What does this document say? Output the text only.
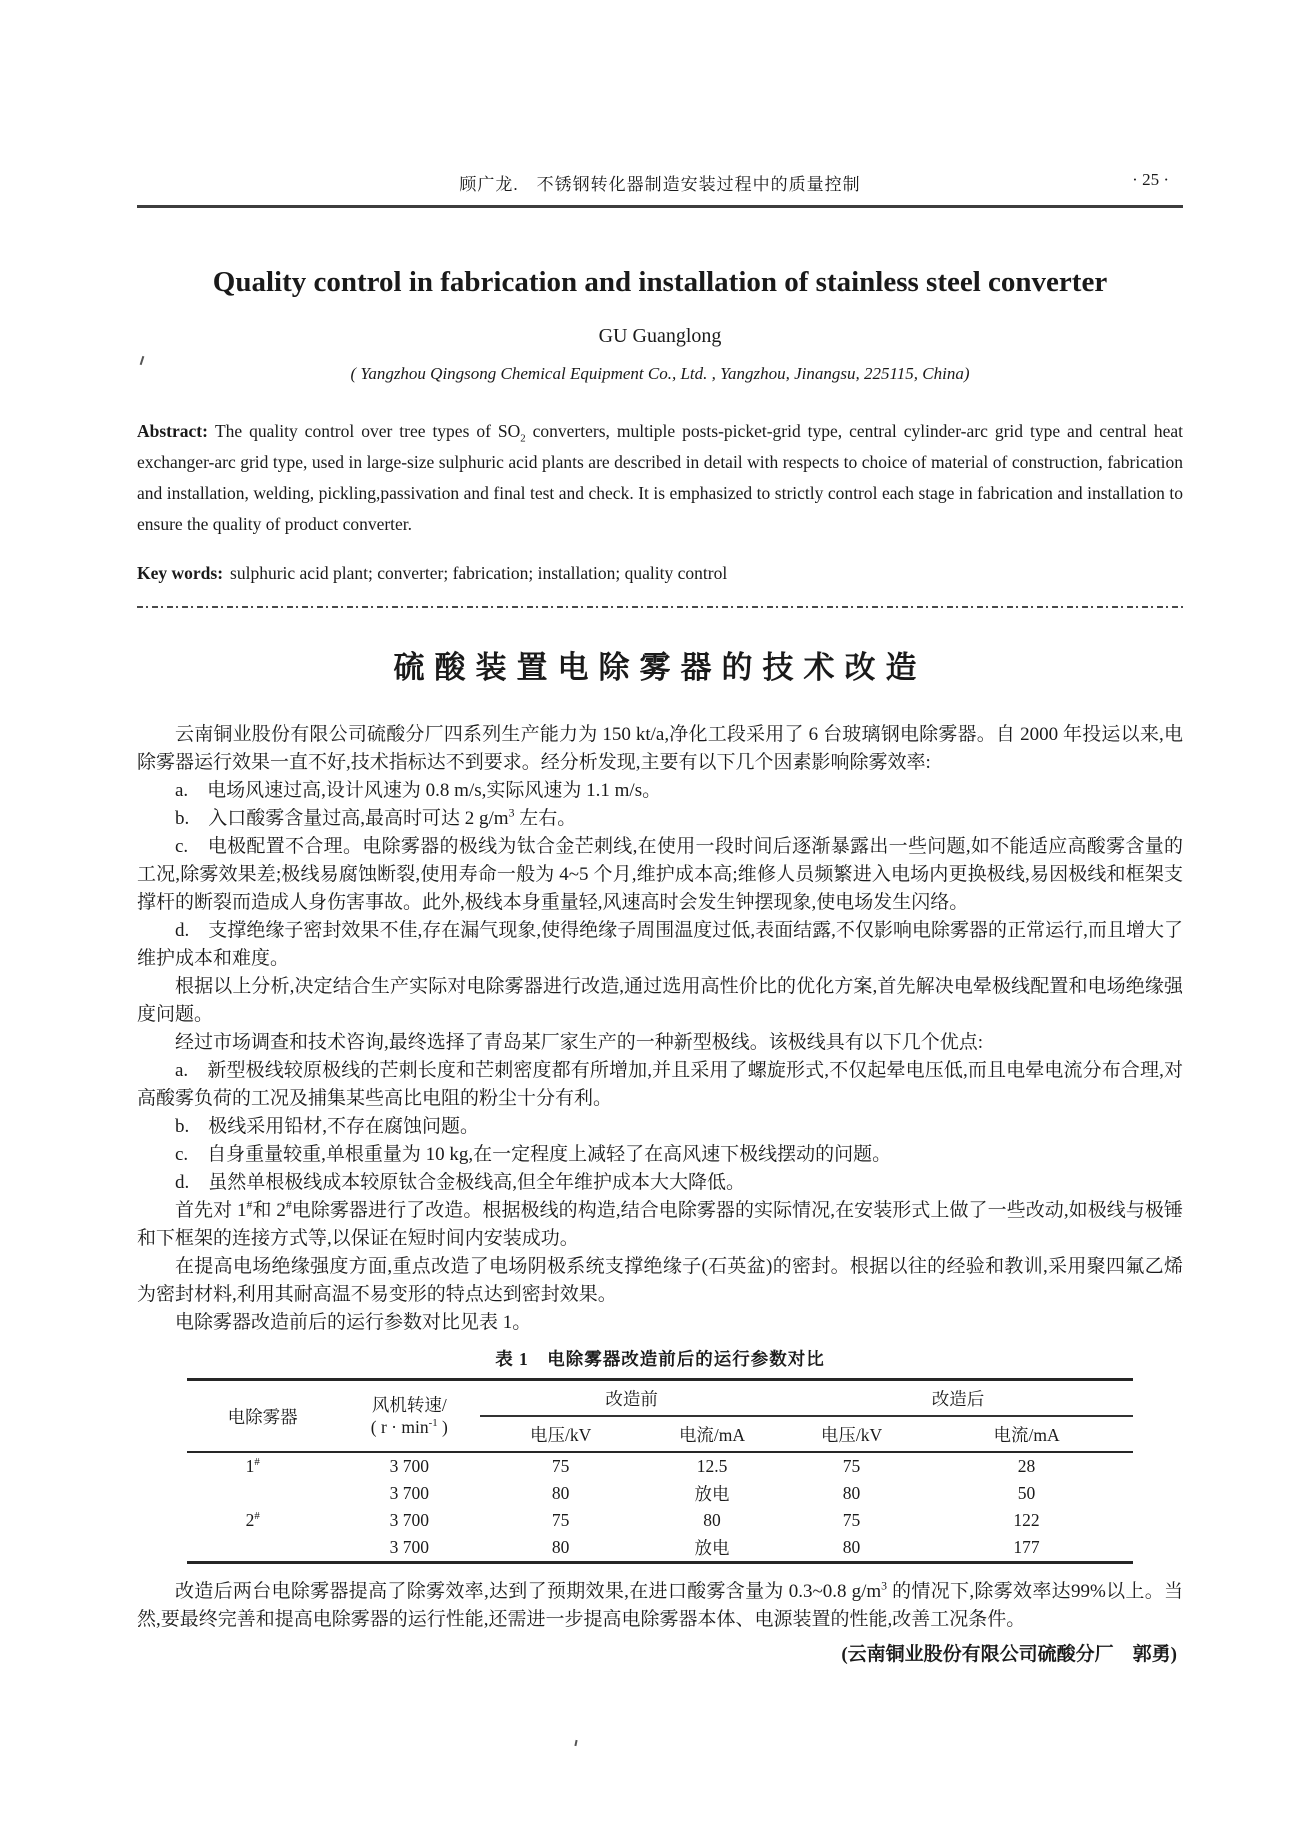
顾广龙.　不锈钢转化器制造安装过程中的质量控制	· 25 ·
Quality control in fabrication and installation of stainless steel converter
GU Guanglong
( Yangzhou Qingsong Chemical Equipment Co., Ltd. , Yangzhou, Jinangsu, 225115, China)

Abstract: The quality control over tree types of $SO_2$ converters, multiple posts-picket-grid type, central cylinder-arc grid type and central heat exchanger-arc grid type, used in large-size sulphuric acid plants are described in detail with respects to choice of material of construction, fabrication and installation, welding, pickling,passivation and final test and check. It is emphasized to strictly control each stage in fabrication and installation to ensure the quality of product converter.

Key words: sulphuric acid plant; converter; fabrication; installation; quality control

硫酸装置电除雾器的技术改造

云南铜业股份有限公司硫酸分厂四系列生产能力为 150 kt/a,净化工段采用了 6 台玻璃钢电除雾器。自 2000 年投运以来,电除雾器运行效果一直不好,技术指标达不到要求。经分析发现,主要有以下几个因素影响除雾效率:

a.　电场风速过高,设计风速为 0.8 m/s,实际风速为 1.1 m/s。

b.　入口酸雾含量过高,最高时可达 2 $g/m^3$ 左右。

c.　电极配置不合理。电除雾器的极线为钛合金芒刺线,在使用一段时间后逐渐暴露出一些问题,如不能适应高酸雾含量的工况,除雾效果差;极线易腐蚀断裂,使用寿命一般为 4~5 个月,维护成本高;维修人员频繁进入电场内更换极线,易因极线和框架支撑杆的断裂而造成人身伤害事故。此外,极线本身重量轻,风速高时会发生钟摆现象,使电场发生闪络。

d.　支撑绝缘子密封效果不佳,存在漏气现象,使得绝缘子周围温度过低,表面结露,不仅影响电除雾器的正常运行,而且增大了维护成本和难度。

根据以上分析,决定结合生产实际对电除雾器进行改造,通过选用高性价比的优化方案,首先解决电晕极线配置和电场绝缘强度问题。

经过市场调查和技术咨询,最终选择了青岛某厂家生产的一种新型极线。该极线具有以下几个优点:

a.　新型极线较原极线的芒刺长度和芒刺密度都有所增加,并且采用了螺旋形式,不仅起晕电压低,而且电晕电流分布合理,对高酸雾负荷的工况及捕集某些高比电阻的粉尘十分有利。

b.　极线采用铅材,不存在腐蚀问题。

c.　自身重量较重,单根重量为 10 kg,在一定程度上减轻了在高风速下极线摆动的问题。

d.　虽然单根极线成本较原钛合金极线高,但全年维护成本大大降低。

首先对 1#和 2#电除雾器进行了改造。根据极线的构造,结合电除雾器的实际情况,在安装形式上做了一些改动,如极线与极锤和下框架的连接方式等,以保证在短时间内安装成功。

在提高电场绝缘强度方面,重点改造了电场阴极系统支撑绝缘子(石英盆)的密封。根据以往的经验和教训,采用聚四氟乙烯为密封材料,利用其耐高温不易变形的特点达到密封效果。

电除雾器改造前后的运行参数对比见表 1。

表 1　电除雾器改造前后的运行参数对比
电除雾器	风机转速/
( $r \cdot \min^{-1}$ )	改造前		改造后	
		电压/kV	电流/mA	电压/kV	电流/mA
1#	3 700	75	12.5	75	28
	3 700	80	放电	80	50
2#	3 700	75	80	75	122
	3 700	80	放电	80	177

改造后两台电除雾器提高了除雾效率,达到了预期效果,在进口酸雾含量为 0.3~0.8 $g/m^3$ 的情况下,除雾效率达99%以上。当然,要最终完善和提高电除雾器的运行性能,还需进一步提高电除雾器本体、电源装置的性能,改善工况条件。

(云南铜业股份有限公司硫酸分厂　郭勇)
